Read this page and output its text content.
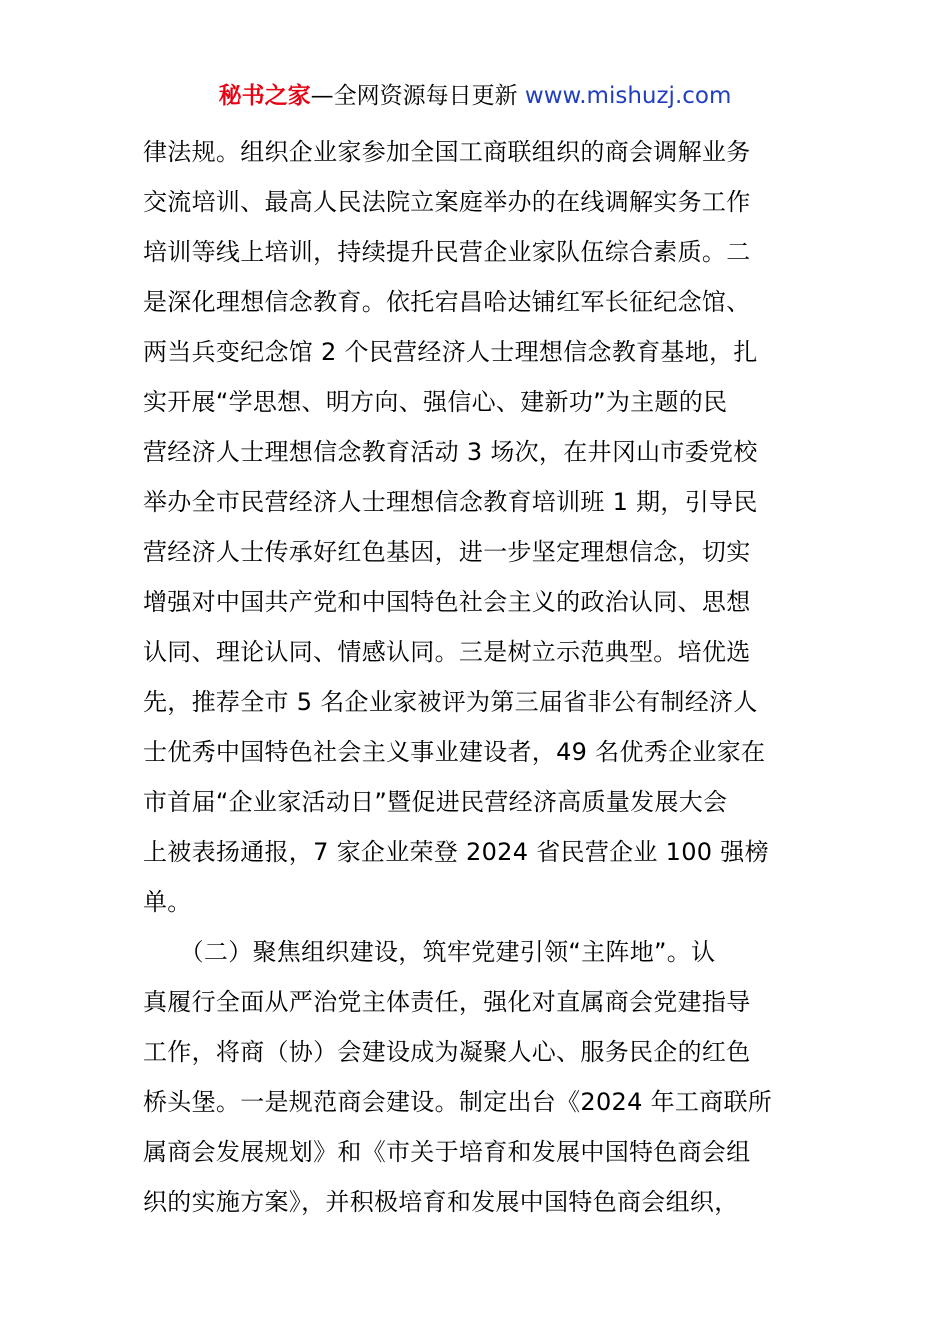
秘书之家—全网资源每日更新 www.mishuzj.com
律法规。组织企业家参加全国工商联组织的商会调解业务
交流培训、最高人民法院立案庭举办的在线调解实务工作
培训等线上培训，持续提升民营企业家队伍综合素质。二
是深化理想信念教育。依托宕昌哈达铺红军长征纪念馆、
两当兵变纪念馆 2 个民营经济人士理想信念教育基地，扎
实开展“学思想、明方向、强信心、建新功”为主题的民
营经济人士理想信念教育活动 3 场次，在井冈山市委党校
举办全市民营经济人士理想信念教育培训班 1 期，引导民
营经济人士传承好红色基因，进一步坚定理想信念，切实
增强对中国共产党和中国特色社会主义的政治认同、思想
认同、理论认同、情感认同。三是树立示范典型。培优选
先，推荐全市 5 名企业家被评为第三届省非公有制经济人
士优秀中国特色社会主义事业建设者，49 名优秀企业家在
市首届“企业家活动日”暨促进民营经济高质量发展大会
上被表扬通报，7 家企业荣登 2024 省民营企业 100 强榜
单。
　　（二）聚焦组织建设，筑牢党建引领“主阵地”。认
真履行全面从严治党主体责任，强化对直属商会党建指导
工作，将商（协）会建设成为凝聚人心、服务民企的红色
桥头堡。一是规范商会建设。制定出台《2024 年工商联所
属商会发展规划》和《市关于培育和发展中国特色商会组
织的实施方案》，并积极培育和发展中国特色商会组织，
